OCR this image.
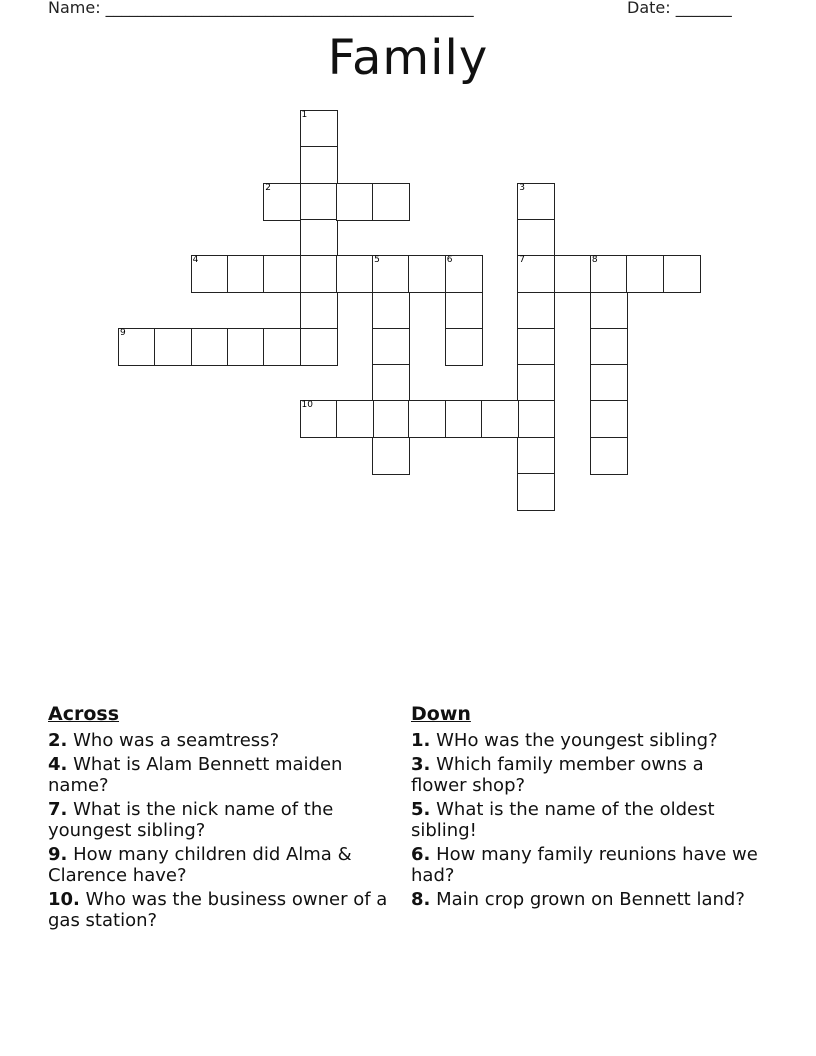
Name: ______________________________________________	Date: _______
Family
1
2	3
7
4	5	6	8
9
10
Across
2. Who was a seamtress?
4. What is Alam Bennett maiden name?
7. What is the nick name of the youngest sibling?
9. How many children did Alma & Clarence have?
10. Who was the business owner of a gas station?
Down
1. WHo was the youngest sibling?
3. Which family member owns a flower shop?
5. What is the name of the oldest sibling!
6. How many family reunions have we had?
8. Main crop grown on Bennett land?
